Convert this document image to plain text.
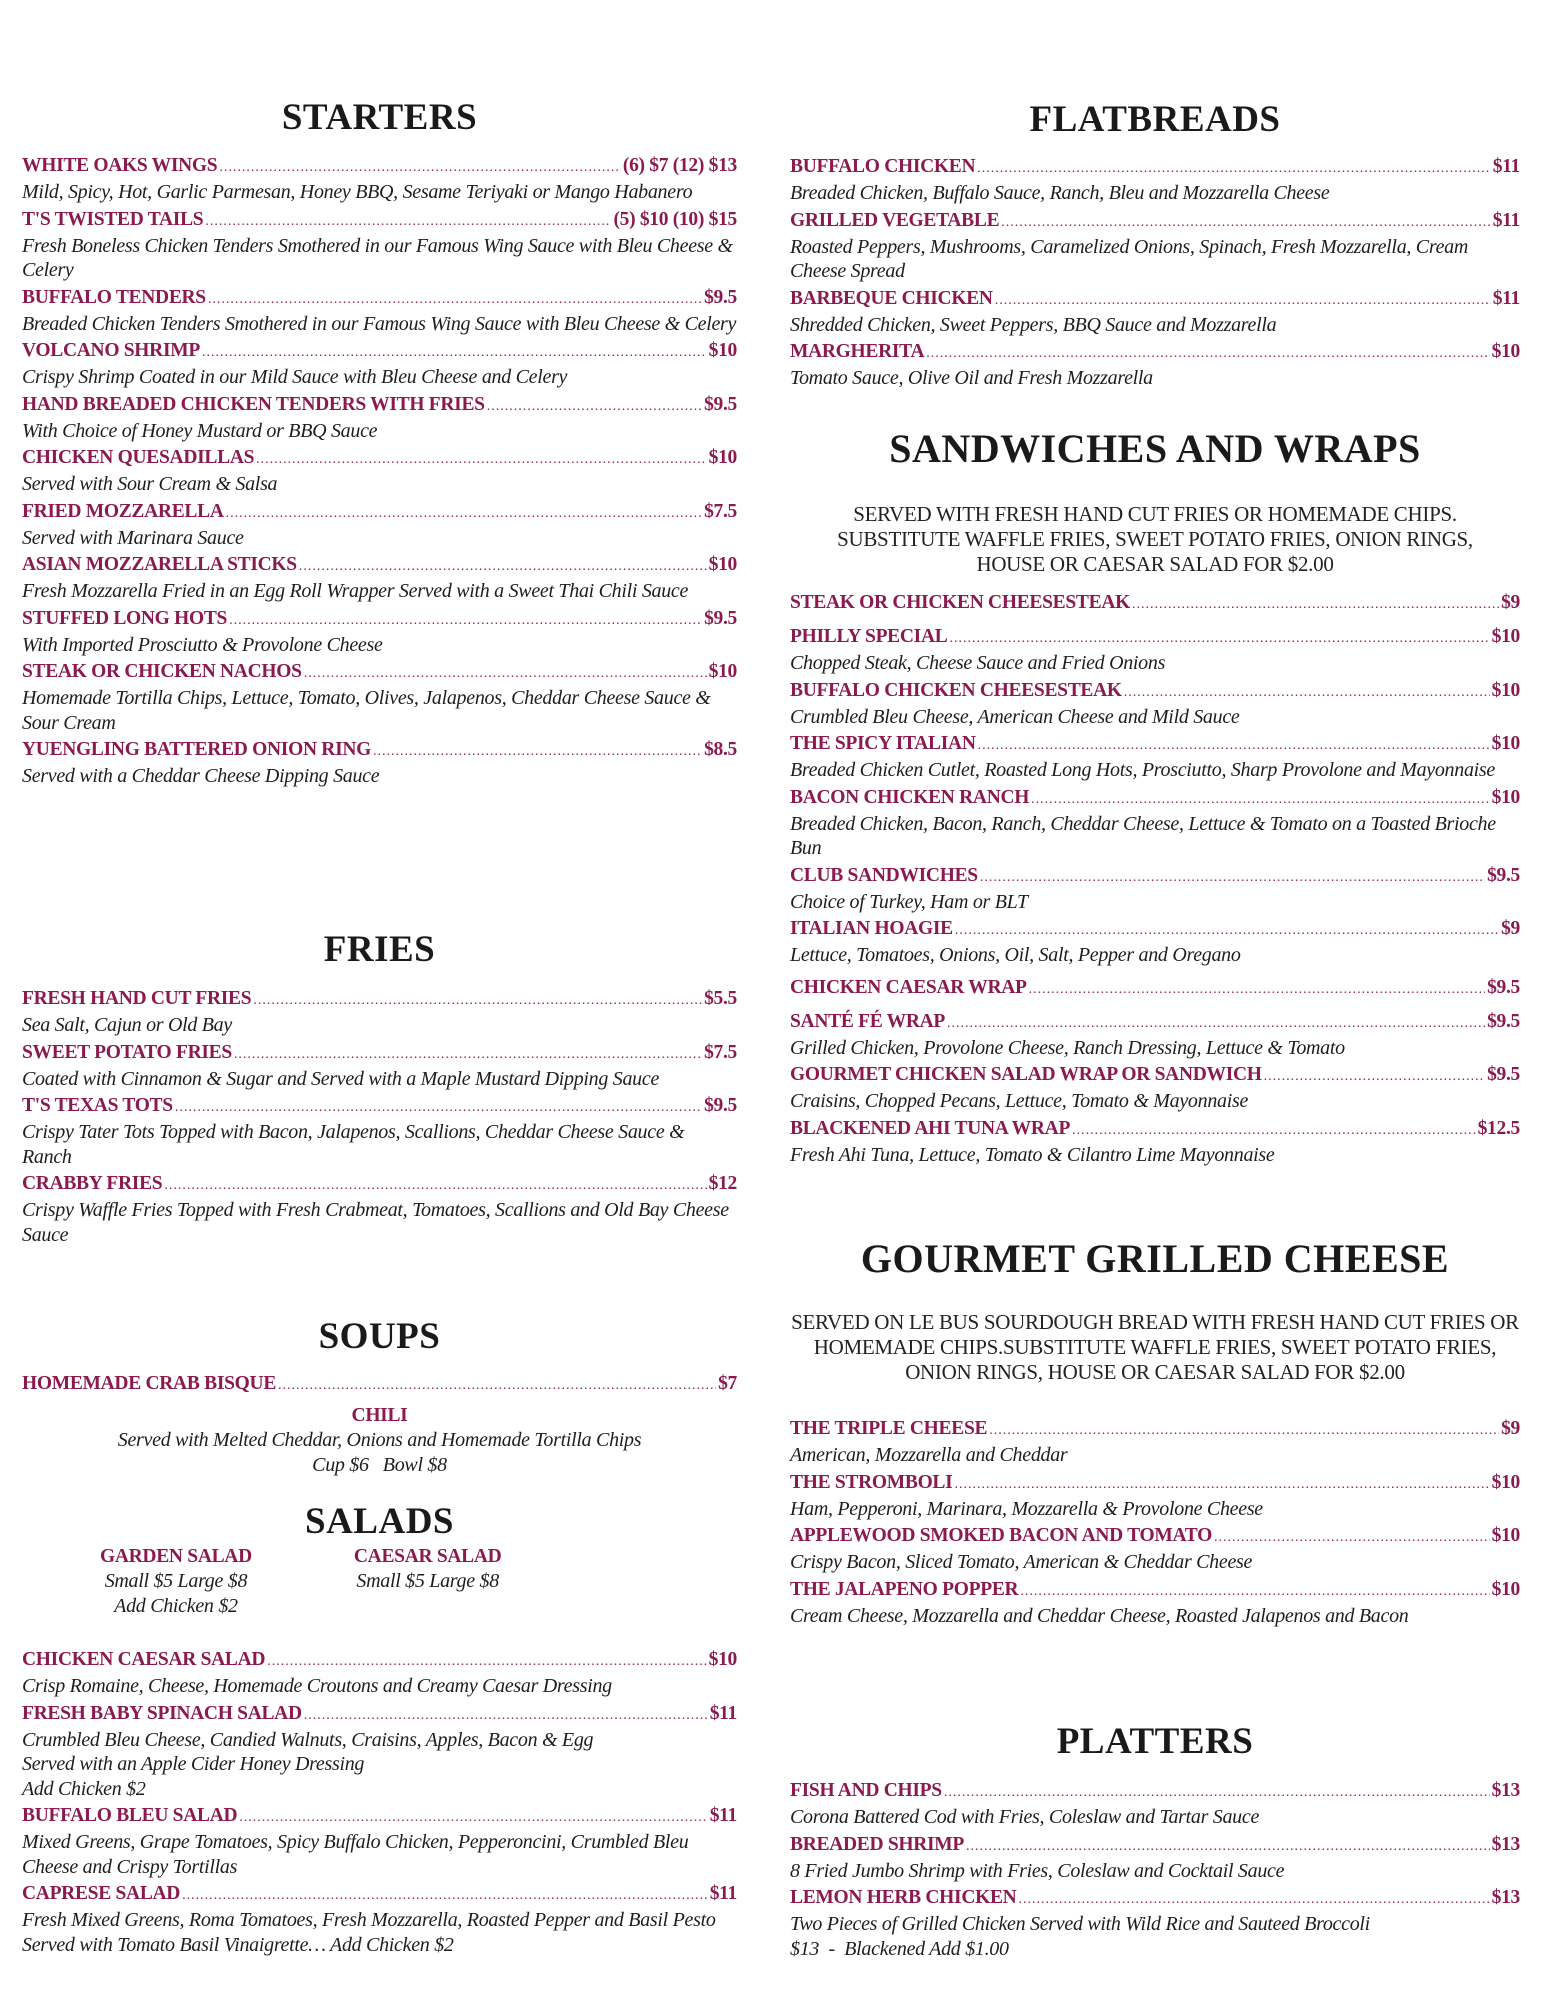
STARTERS
WHITE OAKS WINGS .....	(6) $7 (12) $13
Mild, Spicy, Hot, Garlic Parmesan, Honey BBQ, Sesame Teriyaki or Mango Habanero
T'S TWISTED TAILS .....	(5) $10 (10) $15
Fresh Boneless Chicken Tenders Smothered in our Famous Wing Sauce with Bleu Cheese & Celery
BUFFALO TENDERS .....	$9.5
Breaded Chicken Tenders Smothered in our Famous Wing Sauce with Bleu Cheese & Celery
VOLCANO SHRIMP .....	$10
Crispy Shrimp Coated in our Mild Sauce with Bleu Cheese and Celery
HAND BREADED CHICKEN TENDERS WITH FRIES .....	$9.5
With Choice of Honey Mustard or BBQ Sauce
CHICKEN QUESADILLAS .....	$10
Served with Sour Cream & Salsa
FRIED MOZZARELLA .....	$7.5
Served with Marinara Sauce
ASIAN MOZZARELLA STICKS .....	$10
Fresh Mozzarella Fried in an Egg Roll Wrapper Served with a Sweet Thai Chili Sauce
STUFFED LONG HOTS .....	$9.5
With Imported Prosciutto & Provolone Cheese
STEAK OR CHICKEN NACHOS .....	$10
Homemade Tortilla Chips, Lettuce, Tomato, Olives, Jalapenos, Cheddar Cheese Sauce & Sour Cream
YUENGLING BATTERED ONION RING .....	$8.5
Served with a Cheddar Cheese Dipping Sauce
FRIES
FRESH HAND CUT FRIES .....	$5.5
Sea Salt, Cajun or Old Bay
SWEET POTATO FRIES .....	$7.5
Coated with Cinnamon & Sugar and Served with a Maple Mustard Dipping Sauce
T'S TEXAS TOTS .....	$9.5
Crispy Tater Tots Topped with Bacon, Jalapenos, Scallions, Cheddar Cheese Sauce & Ranch
CRABBY FRIES .....	$12
Crispy Waffle Fries Topped with Fresh Crabmeat, Tomatoes, Scallions and Old Bay Cheese Sauce
SOUPS
HOMEMADE CRAB BISQUE .....	$7
CHILI
Served with Melted Cheddar, Onions and Homemade Tortilla Chips
Cup $6   Bowl $8
SALADS
GARDEN SALAD
Small $5 Large $8
Add Chicken $2
CAESAR SALAD
Small $5 Large $8
CHICKEN CAESAR SALAD .....	$10
Crisp Romaine, Cheese, Homemade Croutons and Creamy Caesar Dressing
FRESH BABY SPINACH SALAD .....	$11
Crumbled Bleu Cheese, Candied Walnuts, Craisins, Apples, Bacon & Egg
Served with an Apple Cider Honey Dressing
Add Chicken $2
BUFFALO BLEU SALAD .....	$11
Mixed Greens, Grape Tomatoes, Spicy Buffalo Chicken, Pepperoncini, Crumbled Bleu Cheese and Crispy Tortillas
CAPRESE SALAD .....	$11
Fresh Mixed Greens, Roma Tomatoes, Fresh Mozzarella, Roasted Pepper and Basil Pesto Served with Tomato Basil Vinaigrette… Add Chicken $2
FLATBREADS
BUFFALO CHICKEN .....	$11
Breaded Chicken, Buffalo Sauce, Ranch, Bleu and Mozzarella Cheese
GRILLED VEGETABLE .....	$11
Roasted Peppers, Mushrooms, Caramelized Onions, Spinach, Fresh Mozzarella, Cream Cheese Spread
BARBEQUE CHICKEN .....	$11
Shredded Chicken, Sweet Peppers, BBQ Sauce and Mozzarella
MARGHERITA .....	$10
Tomato Sauce, Olive Oil and Fresh Mozzarella
SANDWICHES AND WRAPS
SERVED WITH FRESH HAND CUT FRIES OR HOMEMADE CHIPS. SUBSTITUTE WAFFLE FRIES, SWEET POTATO FRIES, ONION RINGS, HOUSE OR CAESAR SALAD FOR $2.00
STEAK OR CHICKEN CHEESESTEAK .....	$9
PHILLY SPECIAL .....	$10
Chopped Steak, Cheese Sauce and Fried Onions
BUFFALO CHICKEN CHEESESTEAK .....	$10
Crumbled Bleu Cheese, American Cheese and Mild Sauce
THE SPICY ITALIAN .....	$10
Breaded Chicken Cutlet, Roasted Long Hots, Prosciutto, Sharp Provolone and Mayonnaise
BACON CHICKEN RANCH .....	$10
Breaded Chicken, Bacon, Ranch, Cheddar Cheese, Lettuce & Tomato on a Toasted Brioche Bun
CLUB SANDWICHES .....	$9.5
Choice of Turkey, Ham or BLT
ITALIAN HOAGIE .....	$9
Lettuce, Tomatoes, Onions, Oil, Salt, Pepper and Oregano
CHICKEN CAESAR WRAP .....	$9.5
SANTÉ FÉ WRAP .....	$9.5
Grilled Chicken, Provolone Cheese, Ranch Dressing, Lettuce & Tomato
GOURMET CHICKEN SALAD WRAP OR SANDWICH .....	$9.5
Craisins, Chopped Pecans, Lettuce, Tomato & Mayonnaise
BLACKENED AHI TUNA WRAP .....	$12.5
Fresh Ahi Tuna, Lettuce, Tomato & Cilantro Lime Mayonnaise
GOURMET GRILLED CHEESE
SERVED ON LE BUS SOURDOUGH BREAD WITH FRESH HAND CUT FRIES OR HOMEMADE CHIPS.SUBSTITUTE WAFFLE FRIES, SWEET POTATO FRIES, ONION RINGS, HOUSE OR CAESAR SALAD FOR $2.00
THE TRIPLE CHEESE .....	$9
American, Mozzarella and Cheddar
THE STROMBOLI .....	$10
Ham, Pepperoni, Marinara, Mozzarella & Provolone Cheese
APPLEWOOD SMOKED BACON AND TOMATO .....	$10
Crispy Bacon, Sliced Tomato, American & Cheddar Cheese
THE JALAPENO POPPER .....	$10
Cream Cheese, Mozzarella and Cheddar Cheese, Roasted Jalapenos and Bacon
PLATTERS
FISH AND CHIPS .....	$13
Corona Battered Cod with Fries, Coleslaw and Tartar Sauce
BREADED SHRIMP .....	$13
8 Fried Jumbo Shrimp with Fries, Coleslaw and Cocktail Sauce
LEMON HERB CHICKEN .....	$13
Two Pieces of Grilled Chicken Served with Wild Rice and Sauteed Broccoli
$13  -  Blackened Add $1.00
